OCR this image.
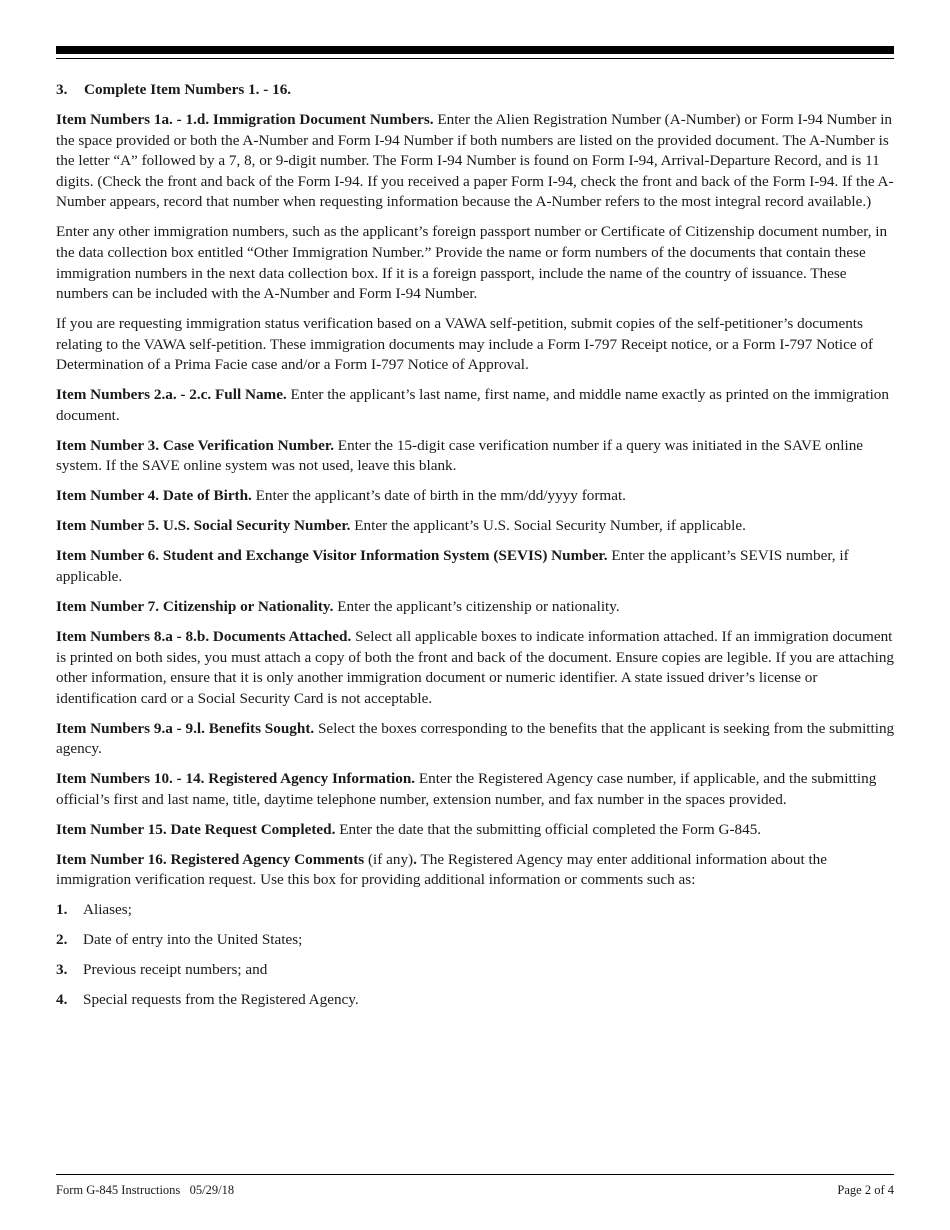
3. Complete Item Numbers 1. - 16.

Item Numbers 1a. - 1.d. Immigration Document Numbers. Enter the Alien Registration Number (A-Number) or Form I-94 Number in the space provided or both the A-Number and Form I-94 Number if both numbers are listed on the provided document. The A-Number is the letter “A” followed by a 7, 8, or 9-digit number. The Form I-94 Number is found on Form I-94, Arrival-Departure Record, and is 11 digits. (Check the front and back of the Form I-94. If you received a paper Form I-94, check the front and back of the Form I-94. If the A-Number appears, record that number when requesting information because the A-Number refers to the most integral record available.)

Enter any other immigration numbers, such as the applicant’s foreign passport number or Certificate of Citizenship document number, in the data collection box entitled “Other Immigration Number.” Provide the name or form numbers of the documents that contain these immigration numbers in the next data collection box. If it is a foreign passport, include the name of the country of issuance. These numbers can be included with the A-Number and Form I-94 Number.

If you are requesting immigration status verification based on a VAWA self-petition, submit copies of the self-petitioner’s documents relating to the VAWA self-petition. These immigration documents may include a Form I-797 Receipt notice, or a Form I-797 Notice of Determination of a Prima Facie case and/or a Form I-797 Notice of Approval.

Item Numbers 2.a. - 2.c. Full Name. Enter the applicant’s last name, first name, and middle name exactly as printed on the immigration document.

Item Number 3. Case Verification Number. Enter the 15-digit case verification number if a query was initiated in the SAVE online system. If the SAVE online system was not used, leave this blank.

Item Number 4. Date of Birth. Enter the applicant’s date of birth in the mm/dd/yyyy format.

Item Number 5. U.S. Social Security Number. Enter the applicant’s U.S. Social Security Number, if applicable.

Item Number 6. Student and Exchange Visitor Information System (SEVIS) Number. Enter the applicant’s SEVIS number, if applicable.

Item Number 7. Citizenship or Nationality. Enter the applicant’s citizenship or nationality.

Item Numbers 8.a - 8.b. Documents Attached. Select all applicable boxes to indicate information attached. If an immigration document is printed on both sides, you must attach a copy of both the front and back of the document. Ensure copies are legible. If you are attaching other information, ensure that it is only another immigration document or numeric identifier. A state issued driver’s license or identification card or a Social Security Card is not acceptable.

Item Numbers 9.a - 9.l. Benefits Sought. Select the boxes corresponding to the benefits that the applicant is seeking from the submitting agency.

Item Numbers 10. - 14. Registered Agency Information. Enter the Registered Agency case number, if applicable, and the submitting official’s first and last name, title, daytime telephone number, extension number, and fax number in the spaces provided.

Item Number 15. Date Request Completed. Enter the date that the submitting official completed the Form G-845.

Item Number 16. Registered Agency Comments (if any). The Registered Agency may enter additional information about the immigration verification request. Use this box for providing additional information or comments such as:

1. Aliases;
2. Date of entry into the United States;
3. Previous receipt numbers; and
4. Special requests from the Registered Agency.
Form G-845 Instructions   05/29/18	Page 2 of 4
